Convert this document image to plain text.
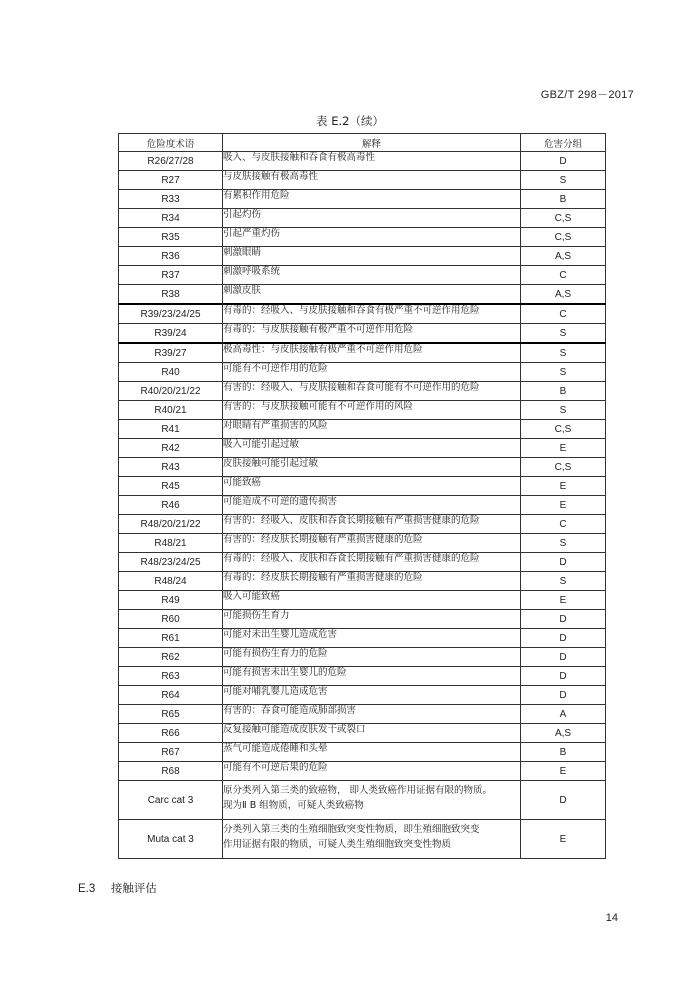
GBZ/T 298－2017
表 E.2（续）
危险度术语	解释	危害分组
R26/27/28	吸入、与皮肤接触和吞食有极高毒性	D
R27	与皮肤接触有极高毒性	S
R33	有累积作用危险	B
R34	引起灼伤	C,S
R35	引起严重灼伤	C,S
R36	刺激眼睛	A,S
R37	刺激呼吸系统	C
R38	刺激皮肤	A,S
R39/23/24/25	有毒的：经吸入、与皮肤接触和吞食有极严重不可逆作用危险	C
R39/24	有毒的：与皮肤接触有极严重不可逆作用危险	S
R39/27	极高毒性：与皮肤接触有极严重不可逆作用危险	S
R40	可能有不可逆作用的危险	S
R40/20/21/22	有害的：经吸入、与皮肤接触和吞食可能有不可逆作用的危险	B
R40/21	有害的：与皮肤接触可能有不可逆作用的风险	S
R41	对眼睛有严重损害的风险	C,S
R42	吸入可能引起过敏	E
R43	皮肤接触可能引起过敏	C,S
R45	可能致癌	E
R46	可能造成不可逆的遗传损害	E
R48/20/21/22	有害的：经吸入、皮肤和吞食长期接触有严重损害健康的危险	C
R48/21	有害的：经皮肤长期接触有严重损害健康的危险	S
R48/23/24/25	有毒的：经吸入、皮肤和吞食长期接触有严重损害健康的危险	D
R48/24	有毒的：经皮肤长期接触有严重损害健康的危险	S
R49	吸入可能致癌	E
R60	可能损伤生育力	D
R61	可能对未出生婴儿造成危害	D
R62	可能有损伤生育力的危险	D
R63	可能有损害未出生婴儿的危险	D
R64	可能对哺乳婴儿造成危害	D
R65	有害的：吞食可能造成肺部损害	A
R66	反复接触可能造成皮肤发干或裂口	A,S
R67	蒸气可能造成倦睡和头晕	B
R68	可能有不可逆后果的危险	E
Carc cat 3	原分类列入第三类的致癌物， 即人类致癌作用证据有限的物质。
现为Ⅱ B 组物质，可疑人类致癌物	D
Muta cat 3	分类列入第三类的生殖细胞致突变性物质，即生殖细胞致突变
作用证据有限的物质，可疑人类生殖细胞致突变性物质	E
E.3 接触评估
14
